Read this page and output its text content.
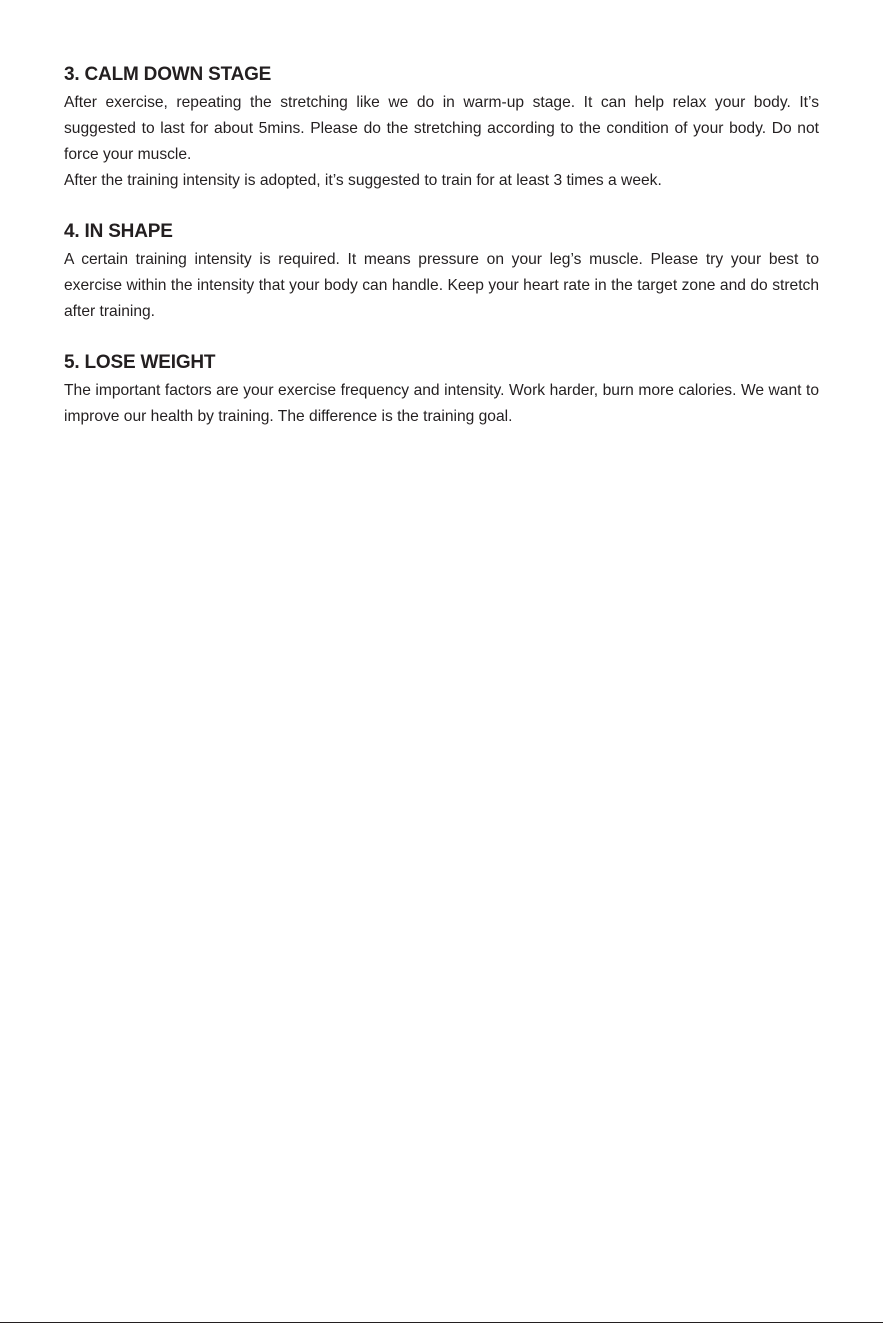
3. CALM DOWN STAGE

After exercise, repeating the stretching like we do in warm-up stage. It can help relax your body. It’s suggested to last for about 5mins. Please do the stretching according to the condition of your body. Do not force your muscle.

After the training intensity is adopted, it’s suggested to train for at least 3 times a week.

4. IN SHAPE

A certain training intensity is required. It means pressure on your leg’s muscle. Please try your best to exercise within the intensity that your body can handle. Keep your heart rate in the target zone and do stretch after training.

5. LOSE WEIGHT

The important factors are your exercise frequency and intensity. Work harder, burn more calories. We want to improve our health by training. The difference is the training goal.
